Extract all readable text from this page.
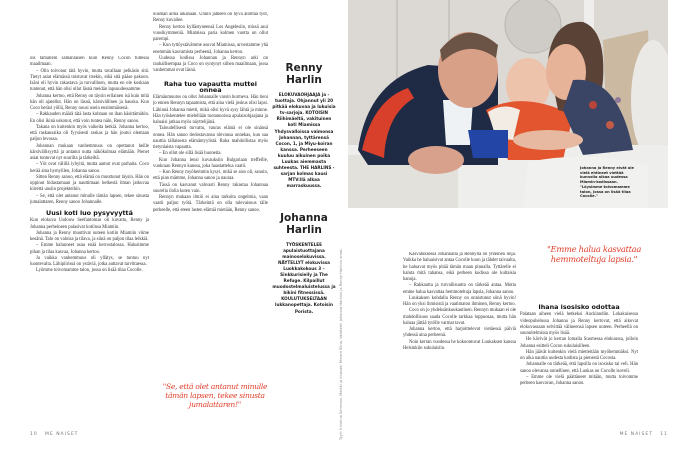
ois tämällein samanlaisen kuin Renny Cocon tullessa maailmaan.

– Olin toivonut tätä hyvin, mutta tavallaan pelkäsin sitä. Tietyt asiat elämässä toistuvat itsekin, eikä sitä pääse pakoon. Isäni oli hyvin rakastava ja turvallinen, mutta en ole koskaan tuntenut, että hän olisi ollut läsnä meidän lapsuudessamme.

Johanna kertoo, että Renny on täysin erilainen isä kuin mitä hän oli ajatellut. Hän on läsnä, kärsivällinen ja hauska. Kun Coco heräsi yöllä, Renny nousi usein ensimmäisenä.

– Rakkauden määrä tätä lasta kohtaan on ihan käsittämätön. En olisi ikinä uskonut, että voin tuntea näin, Renny sanoo.

Takana on kuitenkin myös vaikeita hetkiä. Johanna kertoo, että raskausaika oli fyysisesti raskas ja hän joutui olemaan paljon levossa.

Johannan mukaan vanhemmuus on opettanut heille kärsivällisyyttä ja antanut uutta näkökulmaa elämään. Pienet asiat tuntuvat nyt suurilta ja tärkeiltä.

– Yöt ovat välillä lyhyitä, mutta aamut ovat parhaita. Coco herää aina hymyillen, Johanna sanoo.

Sitten Renny sanoo, että elämä on muuttunut täysin. Hän on oppinut hidastamaan ja nauttimaan hetkestä ilman jatkuvaa kiirettä uusiin projekteihin.

– Se, että olet antanut minulle tämän lapsen, tekee sinusta jumalattaren, Renny sanoo Johannalle.

Uusi koti luo pysyvyyttä

Kun elokuva Usdouw Seefantomas oli kuvattu, Renny ja Johanna perheineen palasivat kotiinsa Miamiin.

Johanna ja Renny muuttivat uuteen kotiin Miamiin viime kesänä. Talo on valoisa ja tilava, ja siinä on paljon tilaa leikkiä.

– Emme halunneet asua enää kerrostalossa. Halusimme pihan ja tilaa kasvaa, Johanna kertoo.

Ja vaikka vanhemmuus oli yllätys, se tuntuu nyt luontevalta. Lähipiirissä on ystäviä, jotka auttavat tarvittaessa.

Lyömme toivomamme talon, jossa on lisää tilaa Cocolle.

uusman aima aikanaan. Unnin jälkeen on hyvä aloittaa työt, Renny kuvailee.

Renny kertoo kyllästyneensä Los Angelesiin, missä asui vuosikymmeniä. Miamissa paria kolmen vuotta on ollut parempi.

– Kun tyttöystävämme asuvat Miamissa, arvostamme yhä enemmän kasvamista perheenä, Johanna kertoo.

Uudessa kodissa Johannan ja Rennyn arki on rauhallisempaa ja Coco on syntynyt siihen maailmaan, jossa vanhemmat ovat läsnä.

Raha tuo vapautta muttei onnea

Elämänmuutos on ollut Johannalle varsin hurmeva. Hän tieni jo ennen Rennyn tapaamista, että aina vielä joskus olisi lapsi. Lähinnä Johanna mietti, mikä olisi hyvä sysy lähtä ja minne. Hän työskentelee mielellään tuotannoissa apulaisohjaajana ja haluaisi jatkaa myös näyttelijänä.

Taloudellisesti turvattu, vauras elämä ei ole sinänsä onnea. Hän sanoo tiedostavansa olevansa onnekas, kun saa nauttia tällaisesta elämäntyylistä. Raha mahdollistaa myös tietynlaista vapautta.

– En ollut ole sillä lisää huoneita.

Kun Johanna lensi kuvauksiin Bulgariaan treffeille, vuokraan Rennyn kanssa, joka haastattelua vaatii.

– Kun Renny myöhemmin kysyi, mikä se aiso oli, sanoin, että pian mämme, Johanna sanoo ja nauraa.

Tässä on kasvanut vahvasti Renny rakastaa Johannaa suurella ilolla kuten vain.

Rennyn mukaan ilmiö ei aina tarkoita ongelmia, vaan vaatii paljon työtä. Tärkeintä on olla tulevaisuus tälle perheelle, että eteen lasten elämiä mietään, Renny sanoo.

"Se, että olet antanut minulle tämän lapsen, tekee sinusta jumalattaren!"
Renny Harlin
ELOKUVAOHJAAJA ja -tuottaja. Ohjannut yli 20 pitkää elokuvaa ja lukuisia tv-sarjoja. KOTOISIN Riihimäeltä, vakituinen koti Miamissa Yhdysvalloissa vaimonsa Johannan, tyttärensä Cocon, 1, ja Miyu-koiran kanssa. Perheeseen kuuluu aikuinen poika Luukas aiemmasta suhteesta. THE HARLINS -sarjan kolmas kausi MTV:llä alkaa marraskuussa.
Johanna Harlin
TYÖSKENTELEE apulaistuottajana mainoselokuvissa. NÄYTELLYT elokuvissa Luokkakokous 3 – Sinkkurisieily ja The Refuge. Kilpaillut muodostelmaluistelussa ja bikini fitnessissä. KOULUTUKSELTAAN lukkanopettaja. Kotoisin Porista.
10 ME NAISET	Tyyli: Kristiina Semman. Meikki ja hiukset: Miriam Elina. Vaatteet: Johanna Harlinin ja Renny Harlinin omat.
Johanna ja Renny eivät ole vielä ehtineet viettää kunnolla aikaa uudessa Miamin-kodissaan. "Löysimme toivomamme talon, jossa on lisää tilaa Cocolle."

Kasvatuksessa Johannalla ja Rennyllä on yhteinen linja. Vaikka he haluaisivat antaa Cocolle kuun ja tähdet taivaalta, he haluavat myös pitää tämän maan pinnalla. Tyttärelle ei haluta mitä tahansa, eikä perheen kodissa ole kultaisia hanoja.

– Rakkautta ja turvallisuutta on tärkeää antaa. Mutta emme halua kasvattaa hemmoteltuja lapsia, Johanna sanoo.

Luukaksen kohdalla Renny on onnistunut siinä hyvin! Hän on yksi ihmisistä ja vaatimaton ihminen, Renny kertoo.

Coco on jo yhdeksänkuukautinen. Rennyn mukaan ei ole mahdollisuus saada Cocolle tarkkaa loppuosaa, mutta hän haluaa jättää tytölle varmat tavat.

Johanna kertoo, että harjoittelevat vietäessä päiviä yhdessä aina perheenä.

Noin kerran vuodessa he kokoontuvat Luukaksen kanssa Helsinkiin sukulaisiin.

"Emme halua kasvattaa hemmoteltuja lapsia."
Ihana isosisko odottaa

Palataan aiheen vielä hetkeksi Aucklandiin. Lokakuisessa videopuhelussa Johanna ja Renny kertovat, että aikovat elokuvassaan selvittää välineensä lapsen uuteen. Perheellä on suunnitelmissa myös lisää.

He kävivät jo kerran lomalla Suomessa elokuussa, jolloin Johanna esitteli Cocon sukulaisilleen.

Hän jäävät kuitenkin vielä mietteitään myöhemmäksi. Nyt on aika nauttia uudesta kodista ja pienestä Cocosta.

Johannalle on tärkeää, että lapsilla on isosisko tai veli. Hän sanoo olevansa onnellinen, että Luukas on Cocolle isoveli.

– Emme ole vielä päättäneet mitään, mutta toivomme perheen kasvavan, Johanna sanoo.

ME NAISET 11
